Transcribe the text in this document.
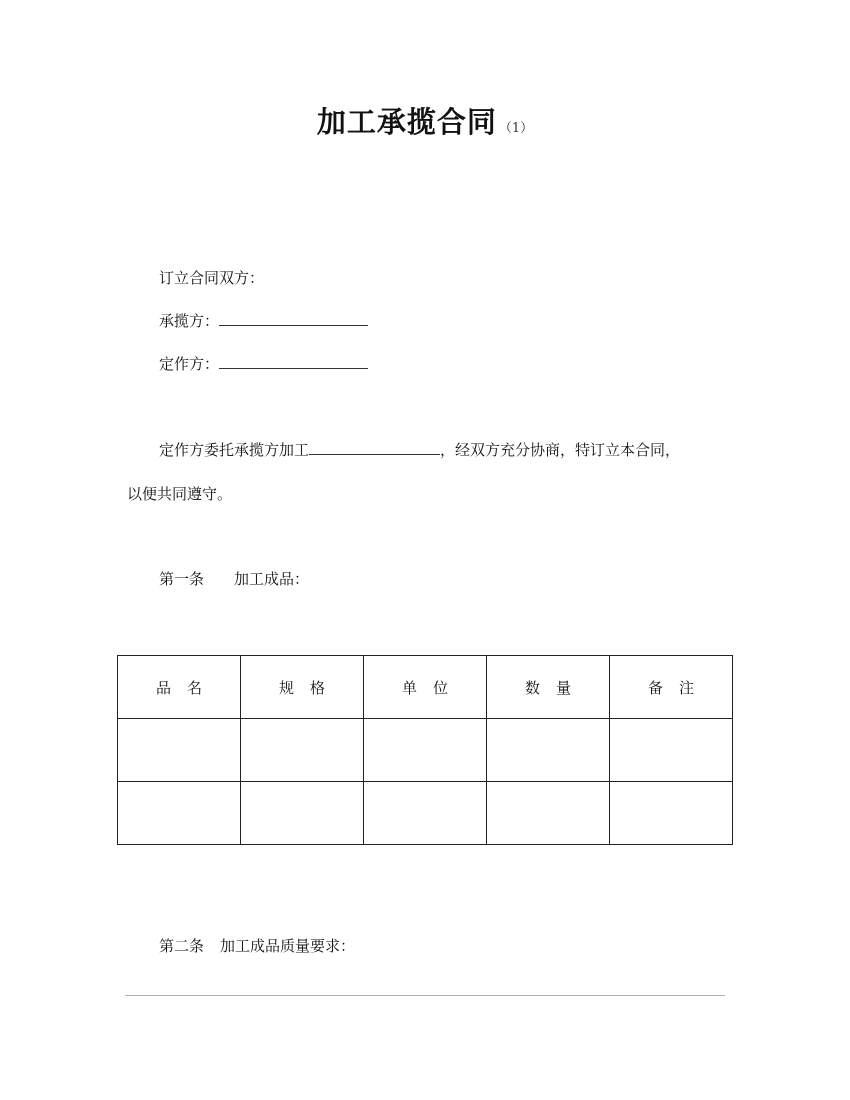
加工承揽合同 （1）
订立合同双方：
承揽方：
定作方：
定作方委托承揽方加工	，经双方充分协商，特订立本合同，
以便共同遵守。
第一条 加工成品：
品名	规格	单位	数量	备注

第二条 加工成品质量要求：
